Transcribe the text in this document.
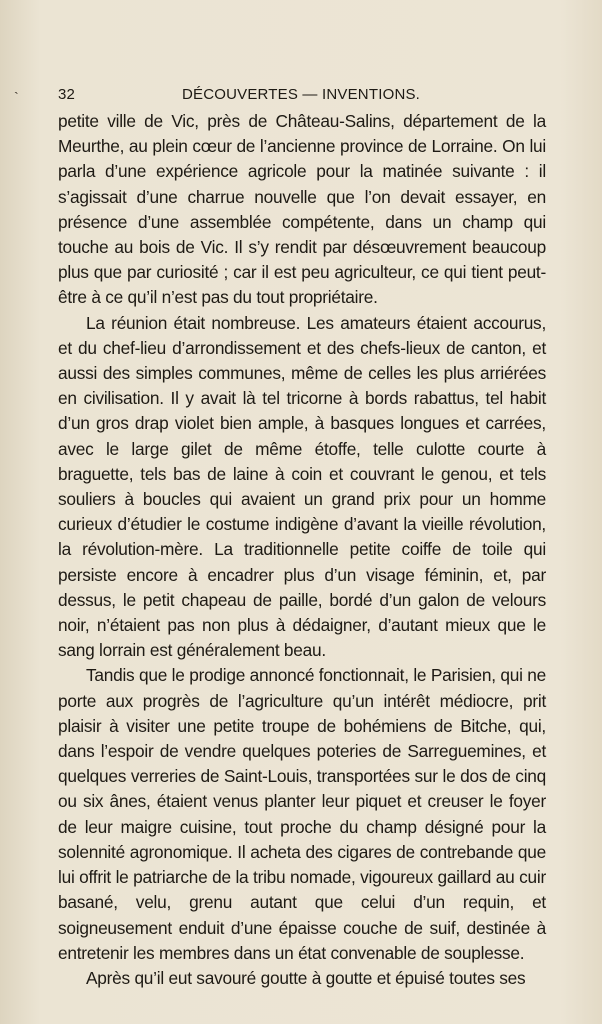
ˎ	32	DÉCOUVERTES — INVENTIONS.

petite ville de Vic, près de Château-Salins, département de la Meurthe, au plein cœur de l’ancienne province de Lorraine. On lui parla d’une expérience agricole pour la matinée suivante : il s’agissait d’une charrue nouvelle que l’on devait essayer, en présence d’une assemblée compétente, dans un champ qui touche au bois de Vic. Il s’y rendit par désœuvrement beaucoup plus que par curiosité ; car il est peu agriculteur, ce qui tient peut-être à ce qu’il n’est pas du tout propriétaire.

La réunion était nombreuse. Les amateurs étaient accourus, et du chef-lieu d’arrondissement et des chefs-lieux de canton, et aussi des simples communes, même de celles les plus arriérées en civilisation. Il y avait là tel tricorne à bords rabattus, tel habit d’un gros drap violet bien ample, à basques longues et carrées, avec le large gilet de même étoffe, telle culotte courte à braguette, tels bas de laine à coin et couvrant le genou, et tels souliers à boucles qui avaient un grand prix pour un homme curieux d’étudier le costume indigène d’avant la vieille révolution, la révolution-mère. La traditionnelle petite coiffe de toile qui persiste encore à encadrer plus d’un visage féminin, et, par dessus, le petit chapeau de paille, bordé d’un galon de velours noir, n’étaient pas non plus à dédaigner, d’autant mieux que le sang lorrain est généralement beau.

Tandis que le prodige annoncé fonctionnait, le Parisien, qui ne porte aux progrès de l’agriculture qu’un intérêt médiocre, prit plaisir à visiter une petite troupe de bohémiens de Bitche, qui, dans l’espoir de vendre quelques poteries de Sarreguemines, et quelques verreries de Saint-Louis, transportées sur le dos de cinq ou six ânes, étaient venus planter leur piquet et creuser le foyer de leur maigre cuisine, tout proche du champ désigné pour la solennité agronomique. Il acheta des cigares de contrebande que lui offrit le patriarche de la tribu nomade, vigoureux gaillard au cuir basané, velu, grenu autant que celui d’un requin, et soigneusement enduit d’une épaisse couche de suif, destinée à entretenir les membres dans un état convenable de souplesse.

Après qu’il eut savouré goutte à goutte et épuisé toutes ses
